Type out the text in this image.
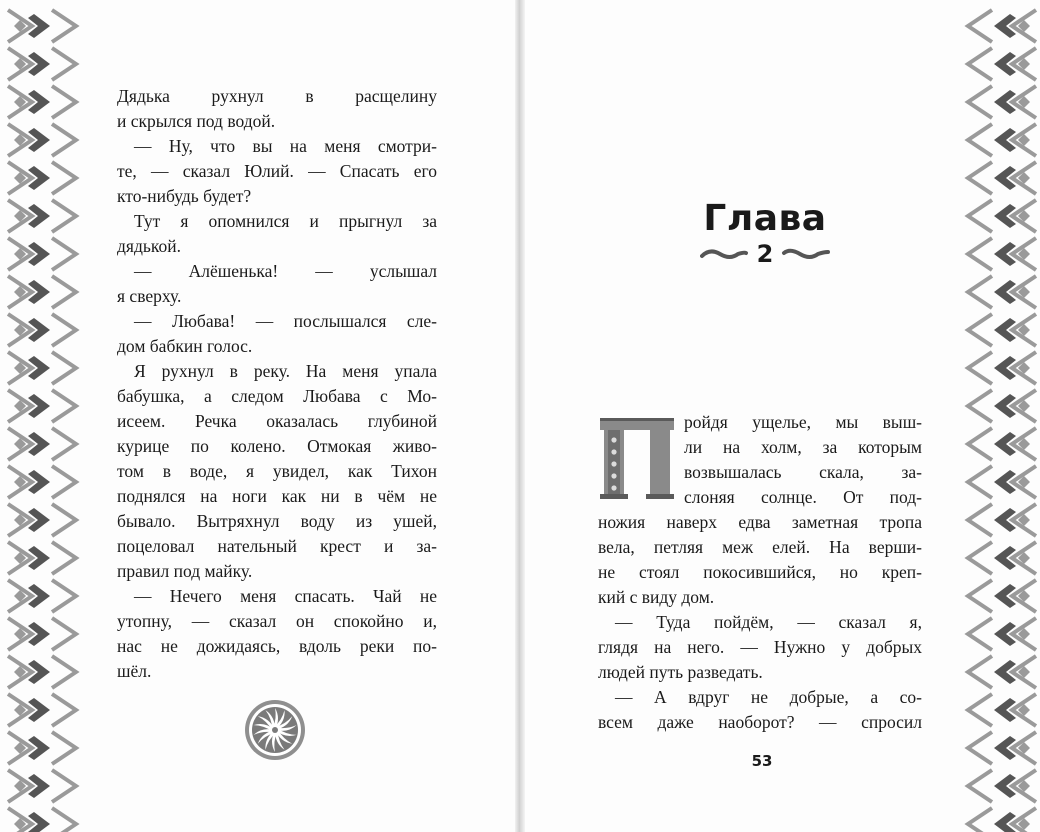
Дядька рухнул в расщелину
и скрылся под водой.
— Ну, что вы на меня смотри-
те, — сказал Юлий. — Спасать его
кто-нибудь будет?
Тут я опомнился и прыгнул за
дядькой.
— Алёшенька! — услышал
я сверху.
— Любава! — послышался сле-
дом бабкин голос.
Я рухнул в реку. На меня упала
бабушка, а следом Любава с Мо-
исеем. Речка оказалась глубиной
курице по колено. Отмокая живо-
том в воде, я увидел, как Тихон
поднялся на ноги как ни в чём не
бывало. Вытряхнул воду из ушей,
поцеловал нательный крест и за-
правил под майку.
— Нечего меня спасать. Чай не
утопну, — сказал он спокойно и,
нас не дожидаясь, вдоль реки по-
шёл.
Глава
2
П
ройдя ущелье, мы выш-
ли на холм, за которым
возвышалась скала, за-
слоняя солнце. От под-
ножия наверх едва заметная тропа
вела, петляя меж елей. На верши-
не стоял покосившийся, но креп-
кий с виду дом.
— Туда пойдём, — сказал я,
глядя на него. — Нужно у добрых
людей путь разведать.
— А вдруг не добрые, а со-
всем даже наоборот? — спросил
53
